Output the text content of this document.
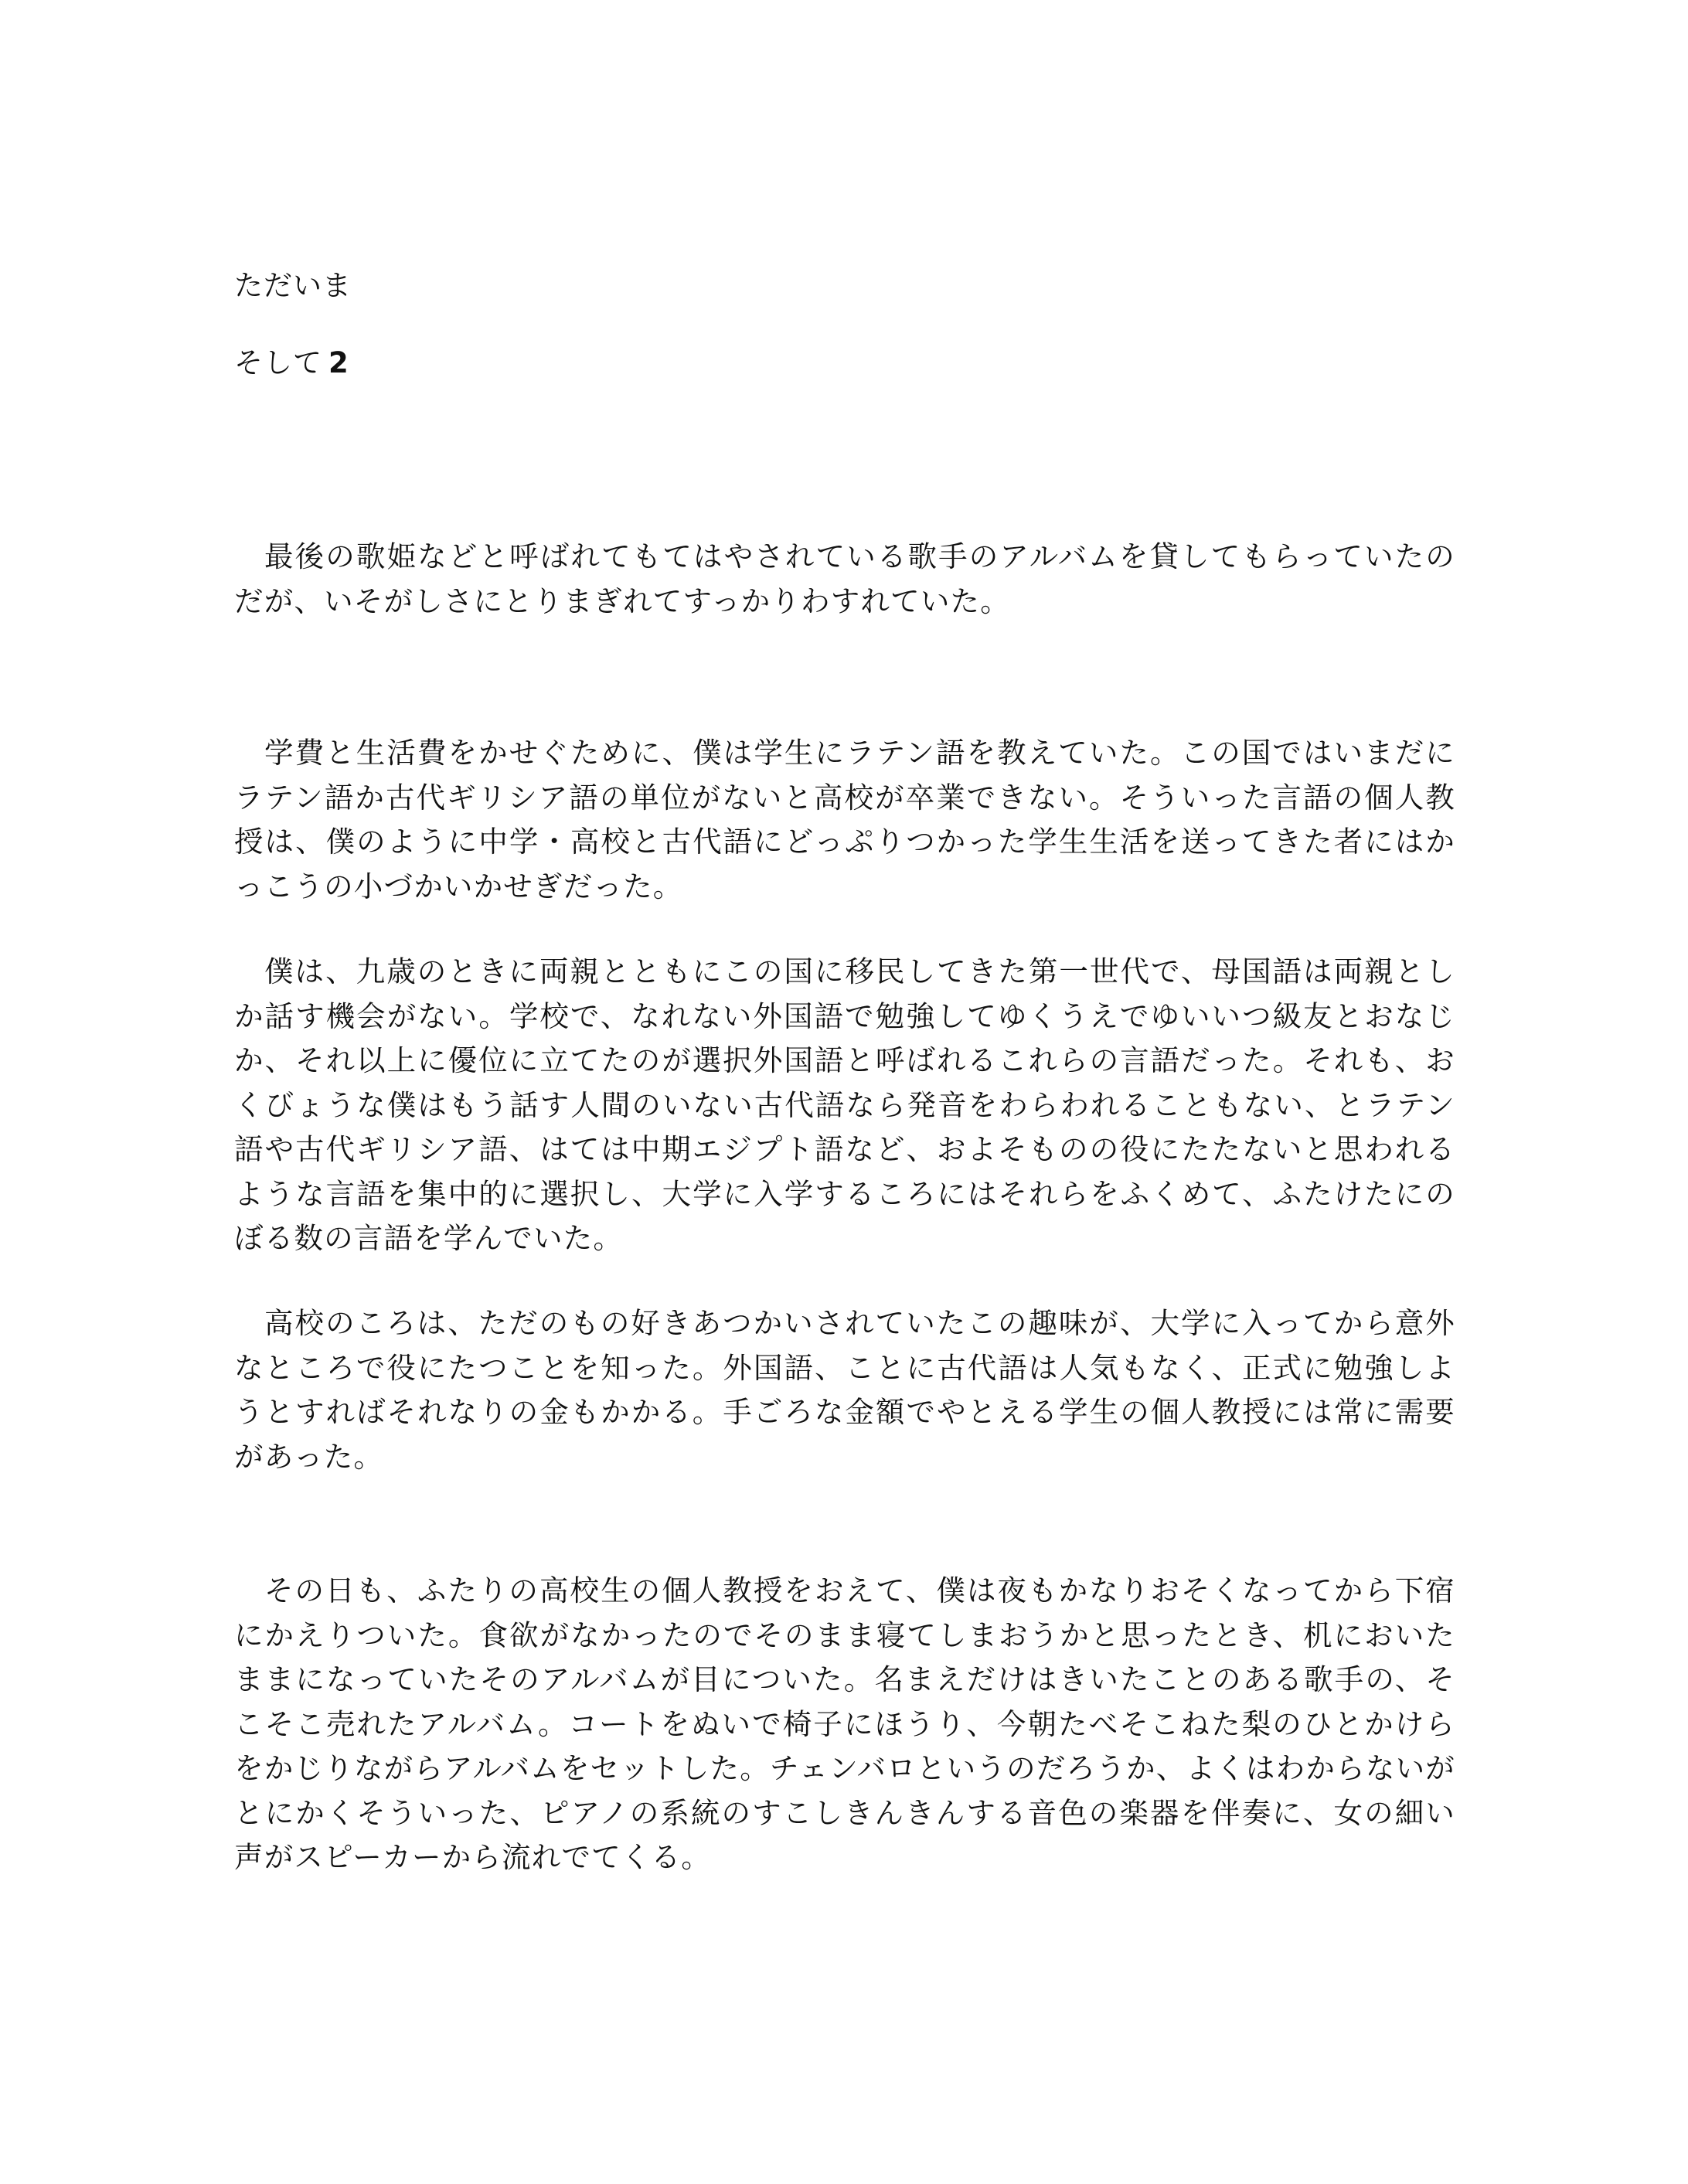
ただいま
そして 2

最後の歌姫などと呼ばれてもてはやされている歌手のアルバムを貸してもらっていたのだが、いそがしさにとりまぎれてすっかりわすれていた。

学費と生活費をかせぐために、僕は学生にラテン語を教えていた。この国ではいまだにラテン語か古代ギリシア語の単位がないと高校が卒業できない。そういった言語の個人教授は、僕のように中学・高校と古代語にどっぷりつかった学生生活を送ってきた者にはかっこうの小づかいかせぎだった。

僕は、九歳のときに両親とともにこの国に移民してきた第一世代で、母国語は両親としか話す機会がない。学校で、なれない外国語で勉強してゆくうえでゆいいつ級友とおなじか、それ以上に優位に立てたのが選択外国語と呼ばれるこれらの言語だった。それも、おくびょうな僕はもう話す人間のいない古代語なら発音をわらわれることもない、とラテン語や古代ギリシア語、はては中期エジプト語など、およそものの役にたたないと思われるような言語を集中的に選択し、大学に入学するころにはそれらをふくめて、ふたけたにのぼる数の言語を学んでいた。

高校のころは、ただのもの好きあつかいされていたこの趣味が、大学に入ってから意外なところで役にたつことを知った。外国語、ことに古代語は人気もなく、正式に勉強しようとすればそれなりの金もかかる。手ごろな金額でやとえる学生の個人教授には常に需要があった。

その日も、ふたりの高校生の個人教授をおえて、僕は夜もかなりおそくなってから下宿にかえりついた。食欲がなかったのでそのまま寝てしまおうかと思ったとき、机においたままになっていたそのアルバムが目についた。名まえだけはきいたことのある歌手の、そこそこ売れたアルバム。コートをぬいで椅子にほうり、今朝たべそこねた梨のひとかけらをかじりながらアルバムをセットした。チェンバロというのだろうか、よくはわからないがとにかくそういった、ピアノの系統のすこしきんきんする音色の楽器を伴奏に、女の細い声がスピーカーから流れでてくる。
